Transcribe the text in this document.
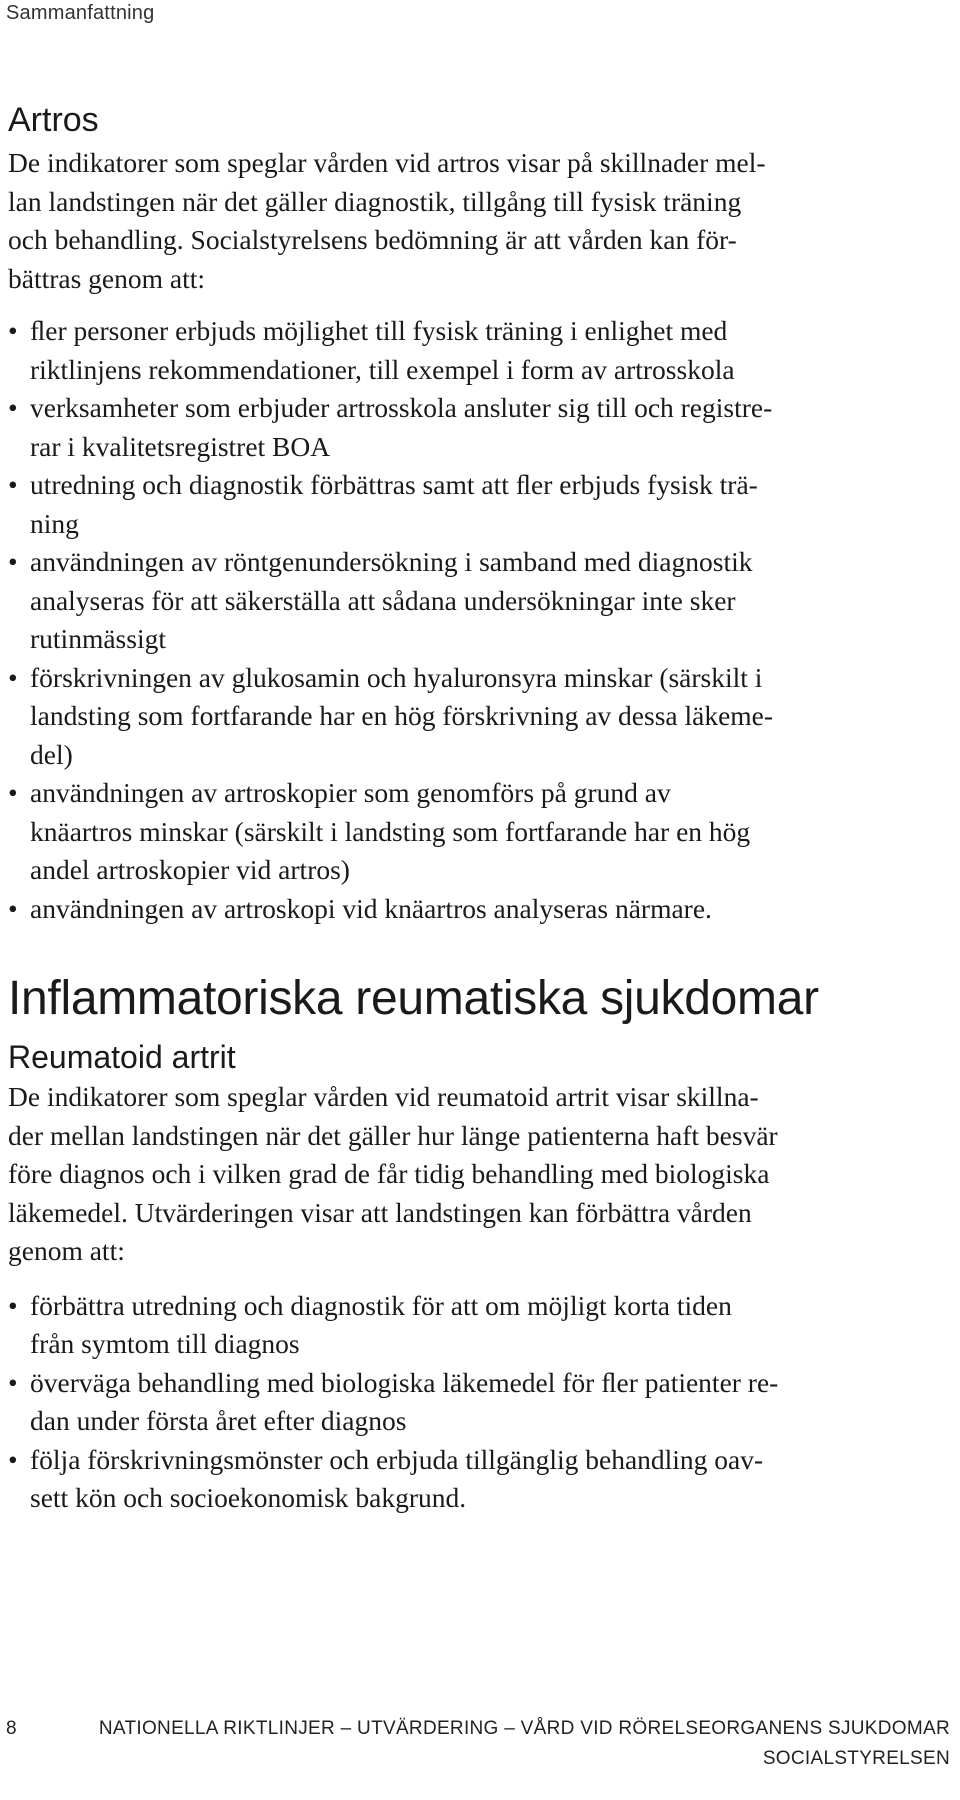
Sammanfattning
Artros

De indikatorer som speglar vården vid artros visar på skillnader mel-
lan landstingen när det gäller diagnostik, tillgång till fysisk träning
och behandling. Socialstyrelsens bedömning är att vården kan för-
bättras genom att:

• ﬂer personer erbjuds möjlighet till fysisk träning i enlighet med
riktlinjens rekommendationer, till exempel i form av artrosskola
• verksamheter som erbjuder artrosskola ansluter sig till och registre-
rar i kvalitetsregistret BOA
• utredning och diagnostik förbättras samt att ﬂer erbjuds fysisk trä-
ning
• användningen av röntgenundersökning i samband med diagnostik
analyseras för att säkerställa att sådana undersökningar inte sker
rutinmässigt
• förskrivningen av glukosamin och hyaluronsyra minskar (särskilt i
landsting som fortfarande har en hög förskrivning av dessa läkeme-
del)
• användningen av artroskopier som genomförs på grund av
knäartros minskar (särskilt i landsting som fortfarande har en hög
andel artroskopier vid artros)
• användningen av artroskopi vid knäartros analyseras närmare.
Inflammatoriska reumatiska sjukdomar
Reumatoid artrit

De indikatorer som speglar vården vid reumatoid artrit visar skillna-
der mellan landstingen när det gäller hur länge patienterna haft besvär
före diagnos och i vilken grad de får tidig behandling med biologiska
läkemedel. Utvärderingen visar att landstingen kan förbättra vården
genom att:

• förbättra utredning och diagnostik för att om möjligt korta tiden
från symtom till diagnos
• överväga behandling med biologiska läkemedel för ﬂer patienter re-
dan under första året efter diagnos
• följa förskrivningsmönster och erbjuda tillgänglig behandling oav-
sett kön och socioekonomisk bakgrund.
8	NATIONELLA RIKTLINJER – UTVÄRDERING – VÅRD VID RÖRELSEORGANENS SJUKDOMAR
SOCIALSTYRELSEN
